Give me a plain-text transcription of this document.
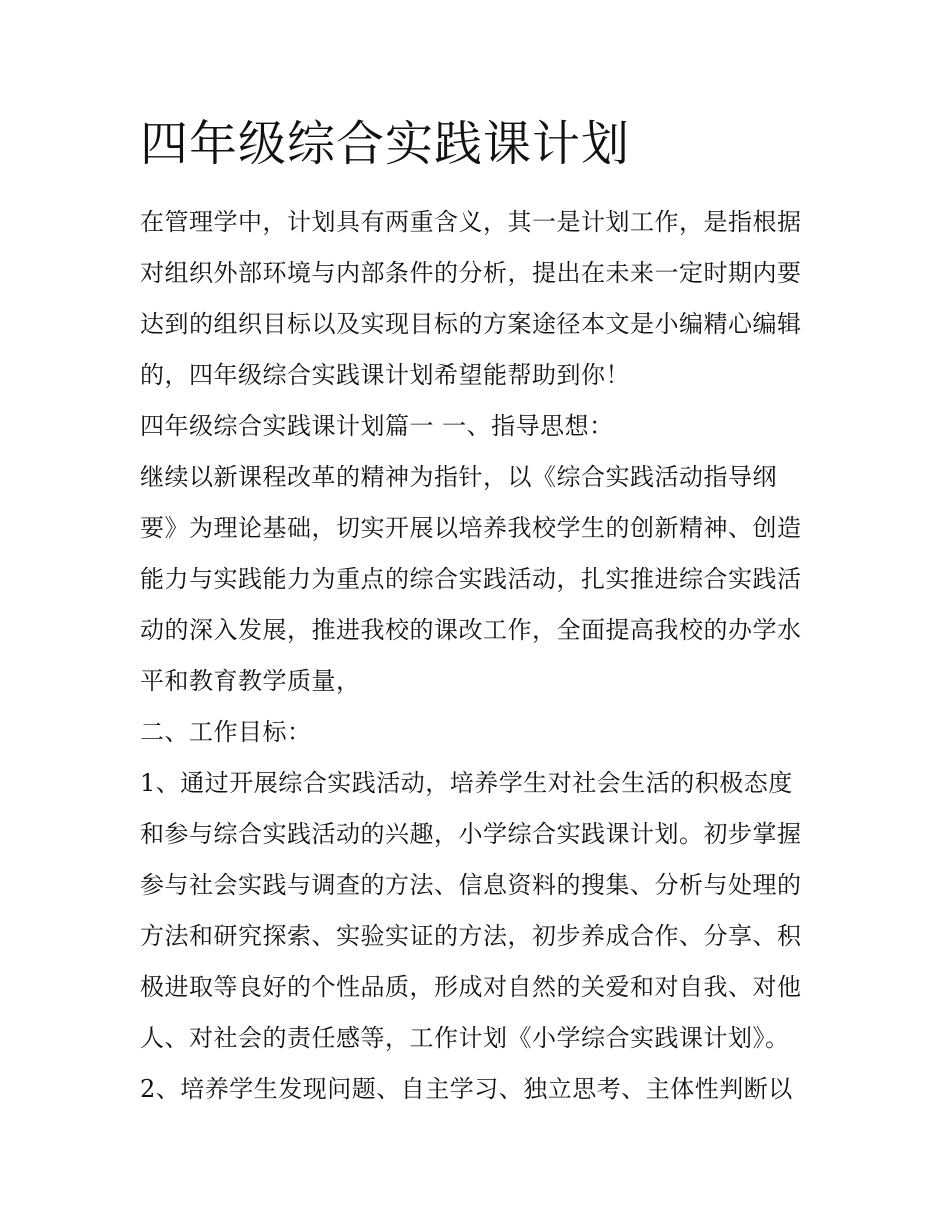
四年级综合实践课计划
在管理学中，计划具有两重含义，其一是计划工作，是指根据
对组织外部环境与内部条件的分析，提出在未来一定时期内要
达到的组织目标以及实现目标的方案途径本文是小编精心编辑
的，四年级综合实践课计划希望能帮助到你！
四年级综合实践课计划篇一 一、指导思想：
继续以新课程改革的精神为指针，以《综合实践活动指导纲
要》为理论基础，切实开展以培养我校学生的创新精神、创造
能力与实践能力为重点的综合实践活动，扎实推进综合实践活
动的深入发展，推进我校的课改工作，全面提高我校的办学水
平和教育教学质量，
二、工作目标：
1、通过开展综合实践活动，培养学生对社会生活的积极态度
和参与综合实践活动的兴趣，小学综合实践课计划。初步掌握
参与社会实践与调查的方法、信息资料的搜集、分析与处理的
方法和研究探索、实验实证的方法，初步养成合作、分享、积
极进取等良好的个性品质，形成对自然的关爱和对自我、对他
人、对社会的责任感等，工作计划《小学综合实践课计划》。
2、培养学生发现问题、自主学习、独立思考、主体性判断以
